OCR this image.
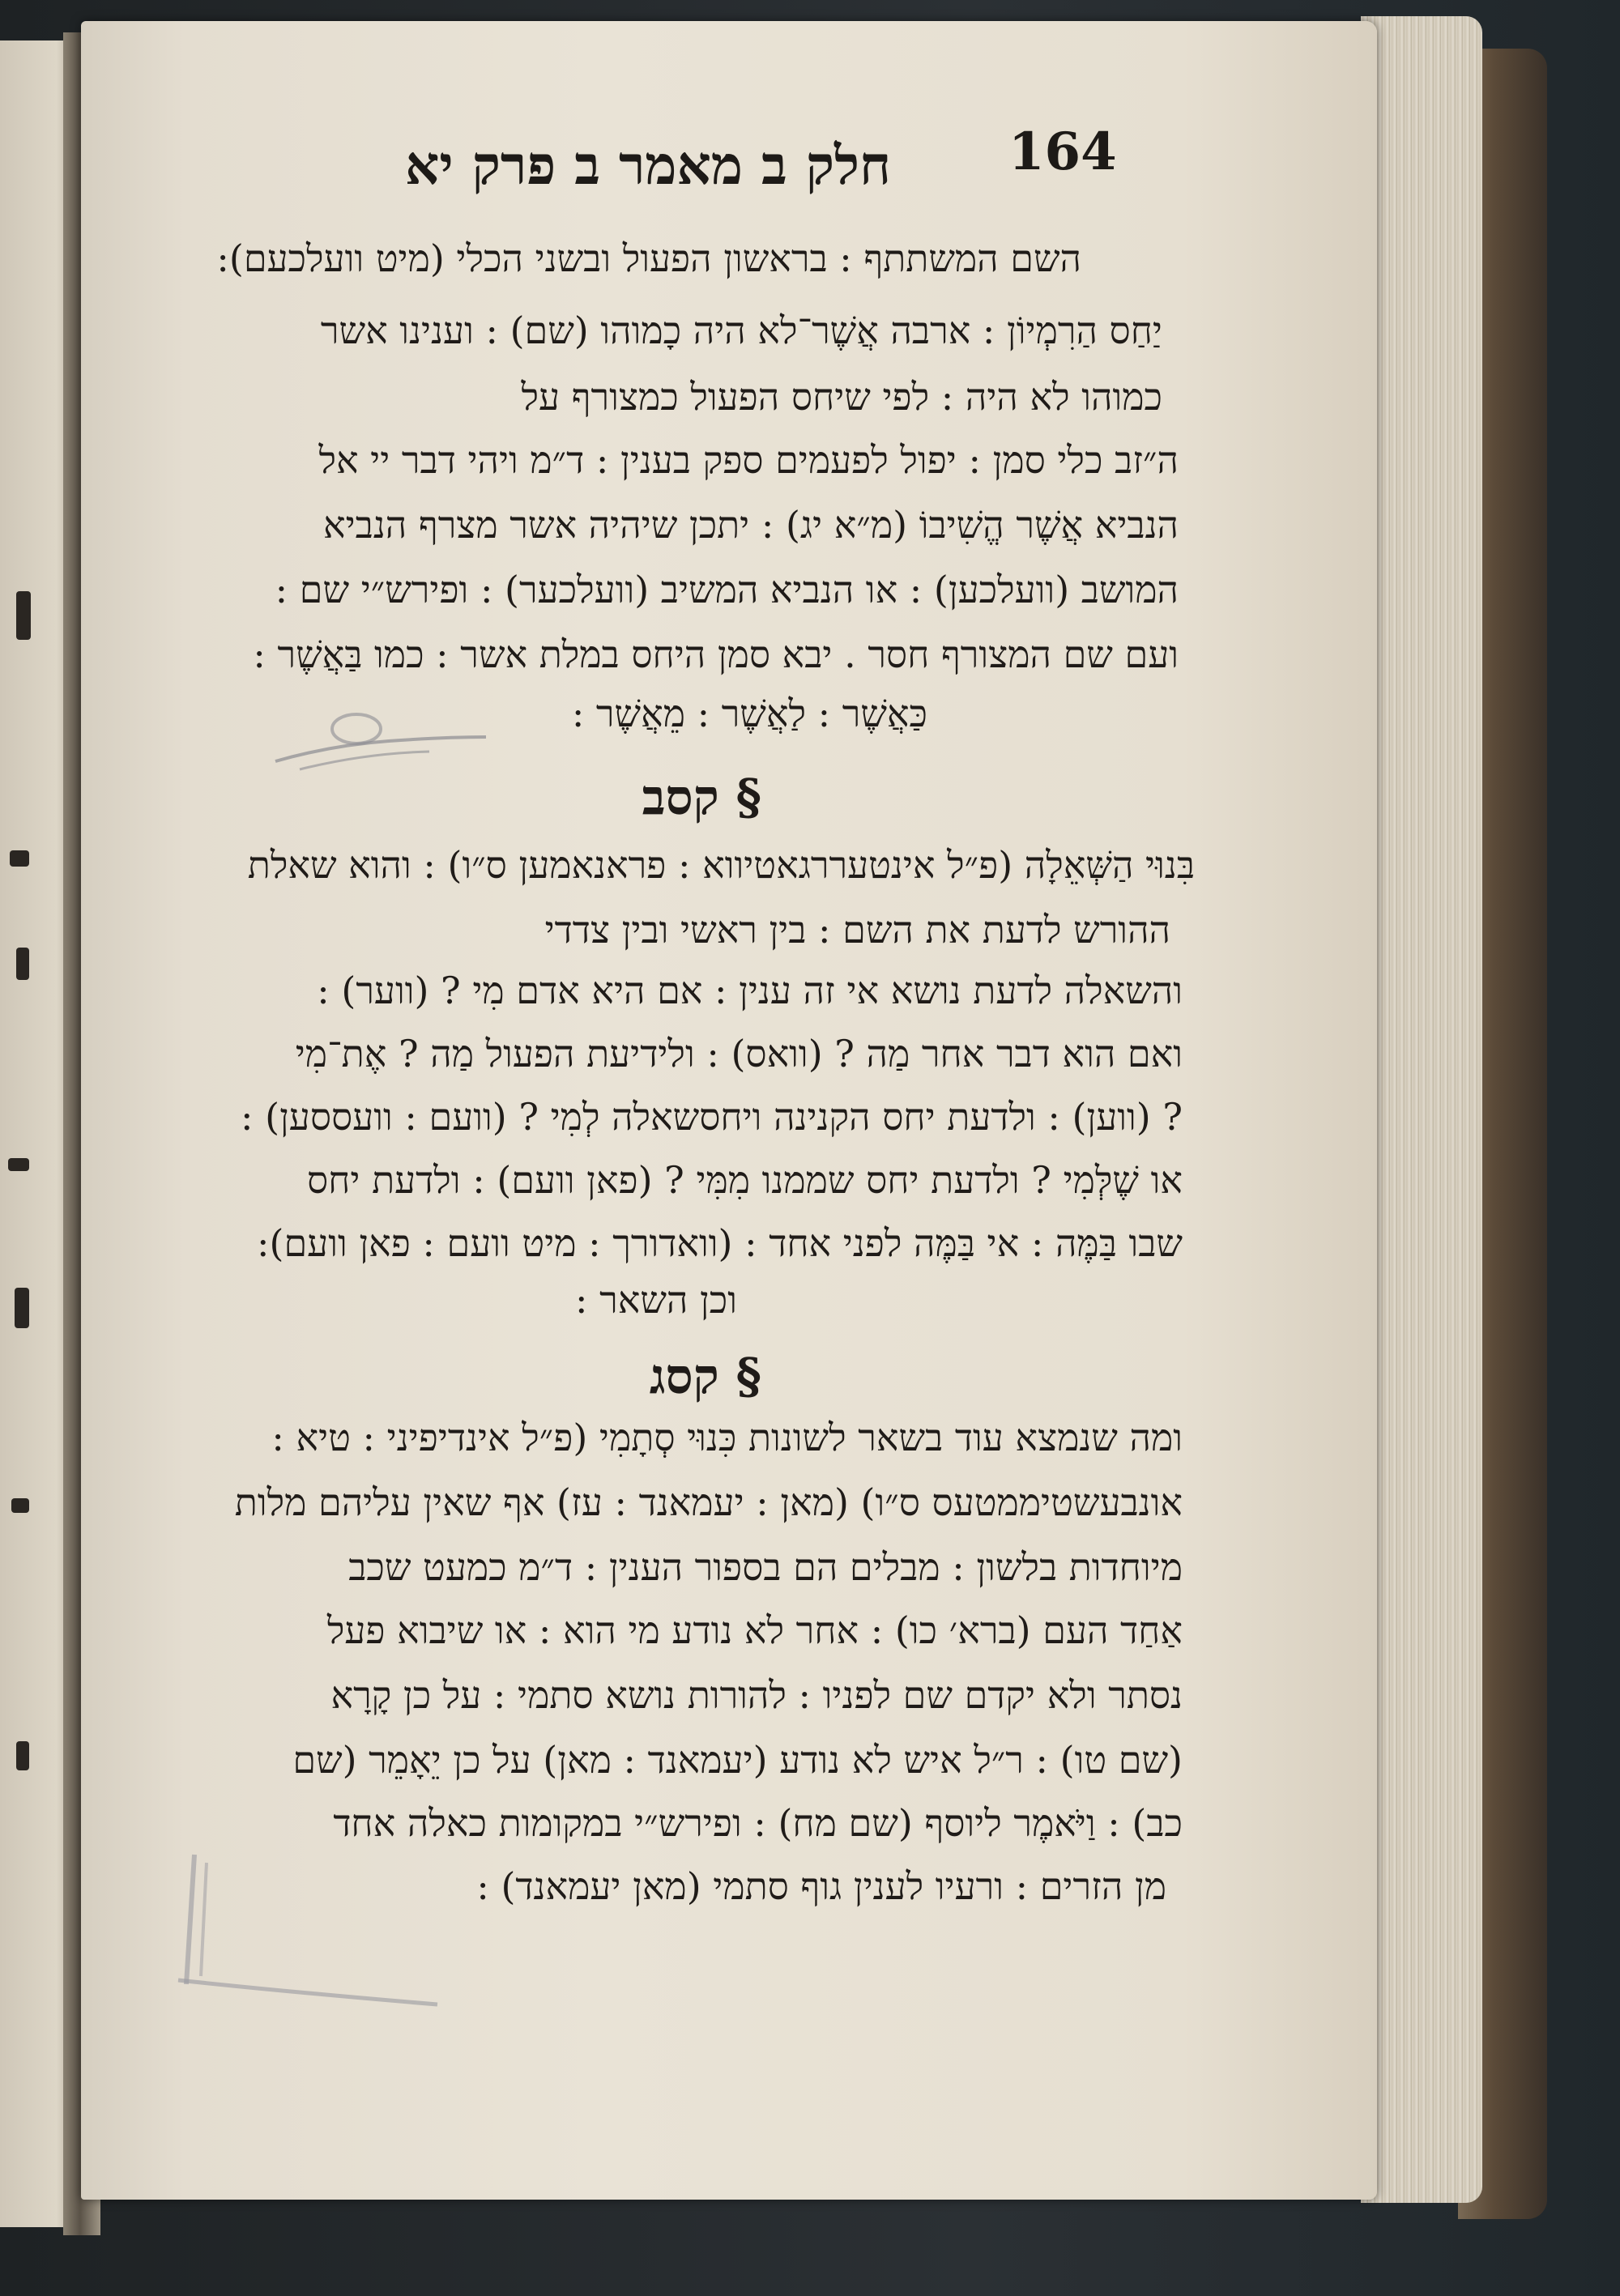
חלק ב מאמר ב פרק יא	164
השם המשתתף : בראשון הפעול ובשני הכלי (מיט וועלכעם):
יַחַס הַרִמְיוֹן : ארבה אֲשֶׁר־לא היה כָמוהו (שם) : וענינו אשר
כמוהו לא היה : לפי שיחס הפעול כמצורף על
ה״זב כלי סמן : יפול לפעמים ספק בענין : ד״מ ויהי דבר יי אל
הנביא אֲשֶׁר הֱשִׁיבוֹ (מ״א יג) : יתכן שיהיה אשר מצרף הנביא
המושב (וועלכען) : או הנביא המשיב (וועלכער) : ופירש״י שם :
ועם שם המצורף חסר . יבא סמן היחס במלת אשר : כמו בַּאֲשֶׁר :
כַּאֲשֶׁר : לַאֲשֶׁר : מֵאֲשֶׁר :
§ קסב
בִּנוּי הַשְּׁאֵלָה (פ״ל אינטעררגאטיווא : פראנאמען ס״ו) : והוא שאלת
ההורש לדעת את השם : בין ראשי ובין צדדי
והשאלה לדעת נושא אי זה ענין : אם היא אדם מִי ? (ווער) :
ואם הוא דבר אחר מַה ? (וואס) : ולידיעת הפעול מַה ? אֶת־מִי
? (ווען) : ולדעת יחס הקנינה ויחסשאלה לְמִי ? (וועם : וועססען) :
או שֶׁלְּמִי ? ולדעת יחס שממנו מִמִּי ? (פאן וועם) : ולדעת יחס
שבו בַּמֶּה : אי בַּמֶּה לפני אחד : (וואדורך : מיט וועם : פאן וועם):
וכן השאר :
§ קסג
ומה שנמצא עוד בשאר לשונות כִּנוּי סְתָמִי (פ״ל אינדיפיני : טיא :
אונבעשטיממטעס ס״ו) (מאן : יעמאנד : עז) אף שאין עליהם מלות
מיוחדות בלשון : מבלים הם בספור הענין : ד״מ כמעט שכב
אַחַד העם (ברא׳ כו) : אחר לא נודע מי הוא : או שיבוא פעל
נסתר ולא יקדם שם לפניו : להורות נושא סתמי : על כן קָרָא
(שם טו) : ר״ל איש לא נודע (יעמאנד : מאן) על כן יֵאָמֵר (שם
כב) : וַיֹּאמֶר ליוסף (שם מח) : ופירש״י במקומות כאלה אחד
מן הזרים : ורעיו לענין גוף סתמי (מאן יעמאנד) :
